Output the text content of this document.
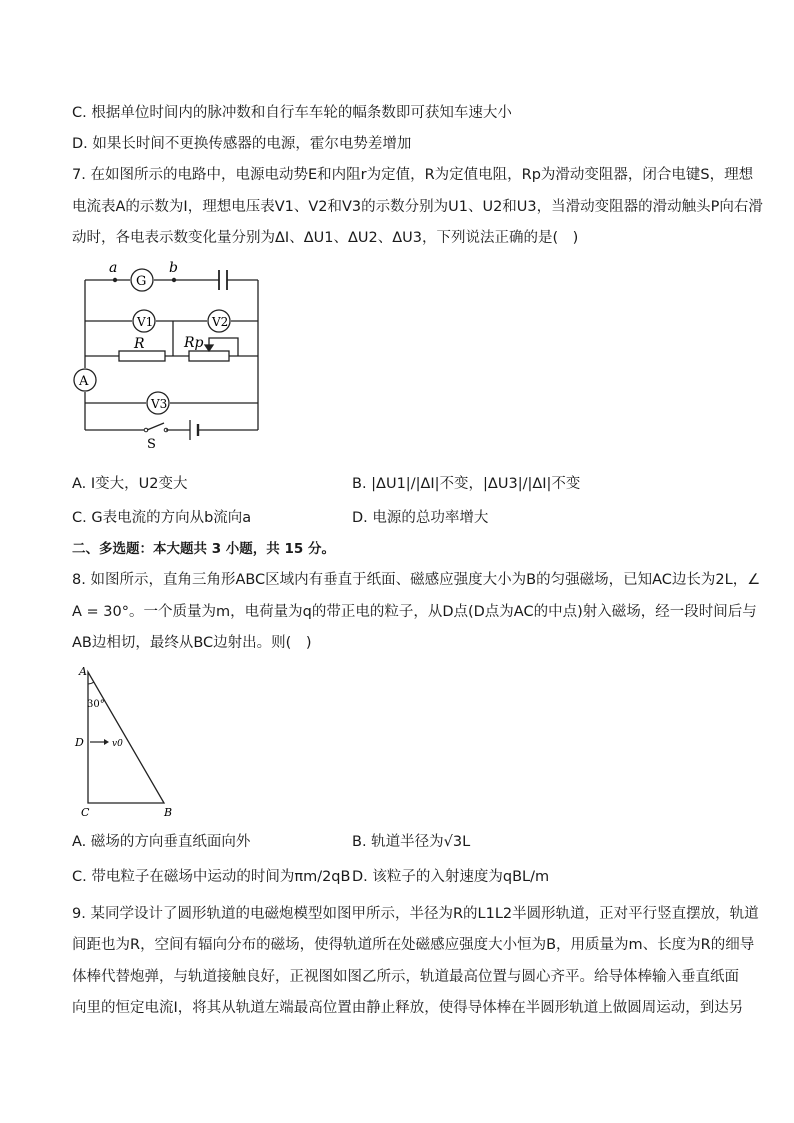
C. 根据单位时间内的脉冲数和自行车车轮的幅条数即可获知车速大小
D. 如果长时间不更换传感器的电源，霍尔电势差增加
7. 在如图所示的电路中，电源电动势E和内阻r为定值，R为定值电阻，Rp为滑动变阻器，闭合电键S，理想
电流表A的示数为I，理想电压表V1、V2和V3的示数分别为U1、U2和U3，当滑动变阻器的滑动触头P向右滑
动时，各电表示数变化量分别为ΔI、ΔU1、ΔU2、ΔU3，下列说法正确的是(　)
a	b
G
V1	V2
V3
R	Rp
A
S
A. I变大，U2变大	B. |ΔU1|/|ΔI|不变，|ΔU3|/|ΔI|不变
C. G表电流的方向从b流向a	D. 电源的总功率增大
二、多选题：本大题共 3 小题，共 15 分。
8. 如图所示，直角三角形ABC区域内有垂直于纸面、磁感应强度大小为B的匀强磁场，已知AC边长为2L，∠
A = 30°。一个质量为m，电荷量为q的带正电的粒子，从D点(D点为AC的中点)射入磁场，经一段时间后与
AB边相切，最终从BC边射出。则(　)
A
30°
D	v0
C	B
A. 磁场的方向垂直纸面向外	B. 轨道半径为√3L
C. 带电粒子在磁场中运动的时间为πm/2qB D. 该粒子的入射速度为qBL/m
9. 某同学设计了圆形轨道的电磁炮模型如图甲所示，半径为R的L1L2半圆形轨道，正对平行竖直摆放，轨道
间距也为R，空间有辐向分布的磁场，使得轨道所在处磁感应强度大小恒为B，用质量为m、长度为R的细导
体棒代替炮弹，与轨道接触良好，正视图如图乙所示，轨道最高位置与圆心齐平。给导体棒输入垂直纸面
向里的恒定电流I，将其从轨道左端最高位置由静止释放，使得导体棒在半圆形轨道上做圆周运动，到达另
